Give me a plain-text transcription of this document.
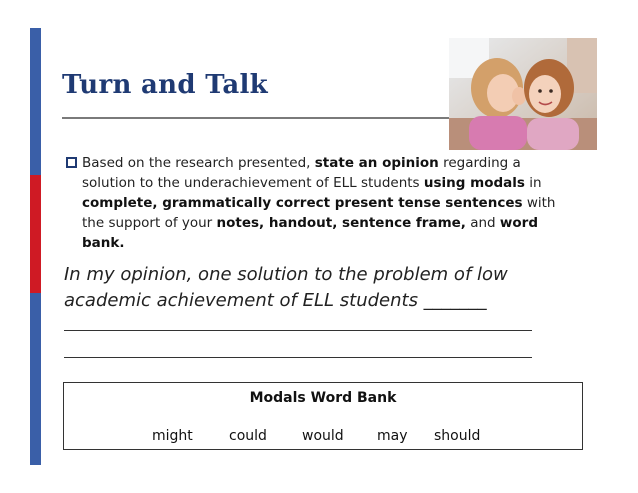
Turn and Talk
Based on the research presented, state an opinion regarding a solution to the underachievement of ELL students using modals in complete, grammatically correct present tense sentences with the support of your notes, handout, sentence frame, and word bank.
In my opinion, one solution to the problem of low
academic achievement of ELL students _______
Modals Word Bank
might	could	would may should
